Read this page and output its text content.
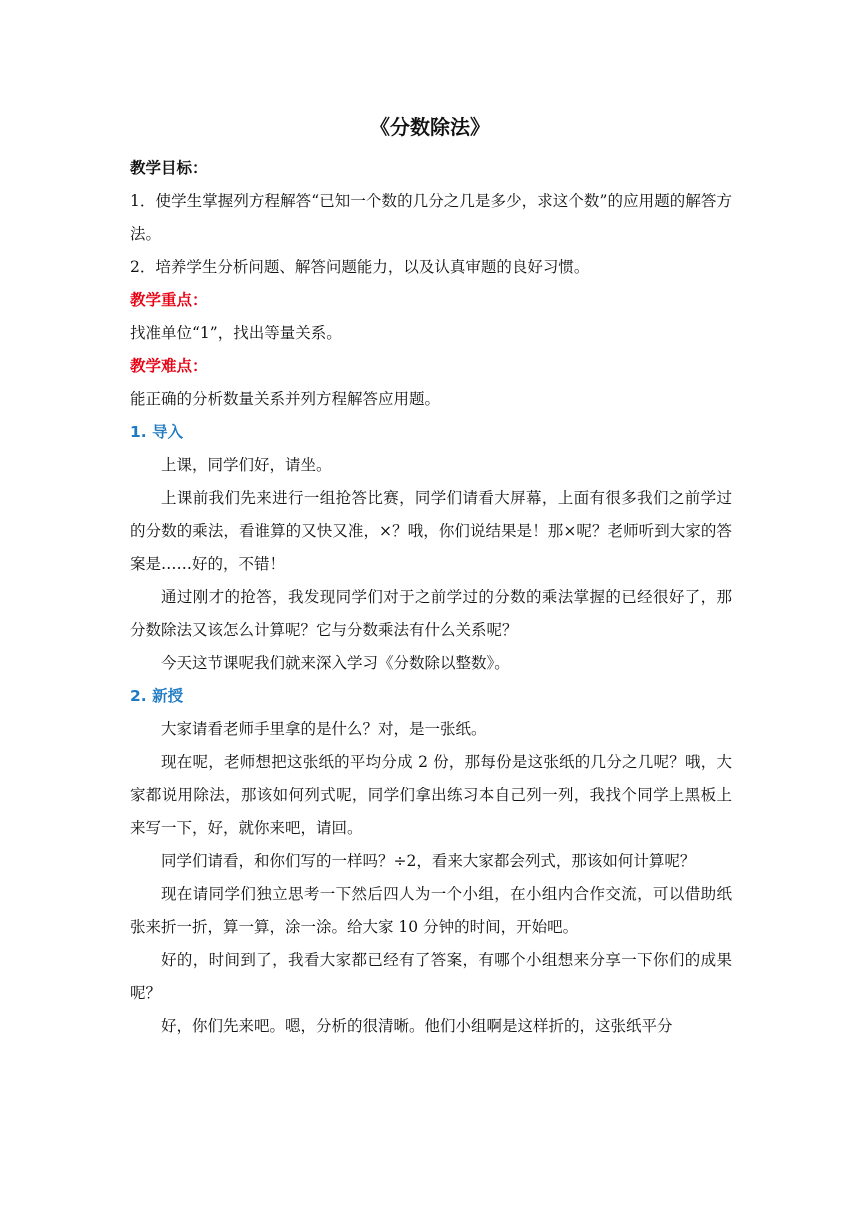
《分数除法》

教学目标：

1．使学生掌握列方程解答“已知一个数的几分之几是多少，求这个数”的应用题的解答方法。

2．培养学生分析问题、解答问题能力，以及认真审题的良好习惯。

教学重点：

找准单位“1”，找出等量关系。

教学难点：

能正确的分析数量关系并列方程解答应用题。

1. 导入

上课，同学们好，请坐。

上课前我们先来进行一组抢答比赛，同学们请看大屏幕，上面有很多我们之前学过的分数的乘法，看谁算的又快又准，×？哦，你们说结果是！那×呢？老师听到大家的答案是……好的，不错！

通过刚才的抢答，我发现同学们对于之前学过的分数的乘法掌握的已经很好了，那分数除法又该怎么计算呢？它与分数乘法有什么关系呢？

今天这节课呢我们就来深入学习《分数除以整数》。

2. 新授

大家请看老师手里拿的是什么？对，是一张纸。

现在呢，老师想把这张纸的平均分成 2 份，那每份是这张纸的几分之几呢？哦，大家都说用除法，那该如何列式呢，同学们拿出练习本自己列一列，我找个同学上黑板上来写一下，好，就你来吧，请回。

同学们请看，和你们写的一样吗？÷2，看来大家都会列式，那该如何计算呢？

现在请同学们独立思考一下然后四人为一个小组，在小组内合作交流，可以借助纸张来折一折，算一算，涂一涂。给大家 10 分钟的时间，开始吧。

好的，时间到了，我看大家都已经有了答案，有哪个小组想来分享一下你们的成果呢？

好，你们先来吧。嗯，分析的很清晰。他们小组啊是这样折的，这张纸平分
